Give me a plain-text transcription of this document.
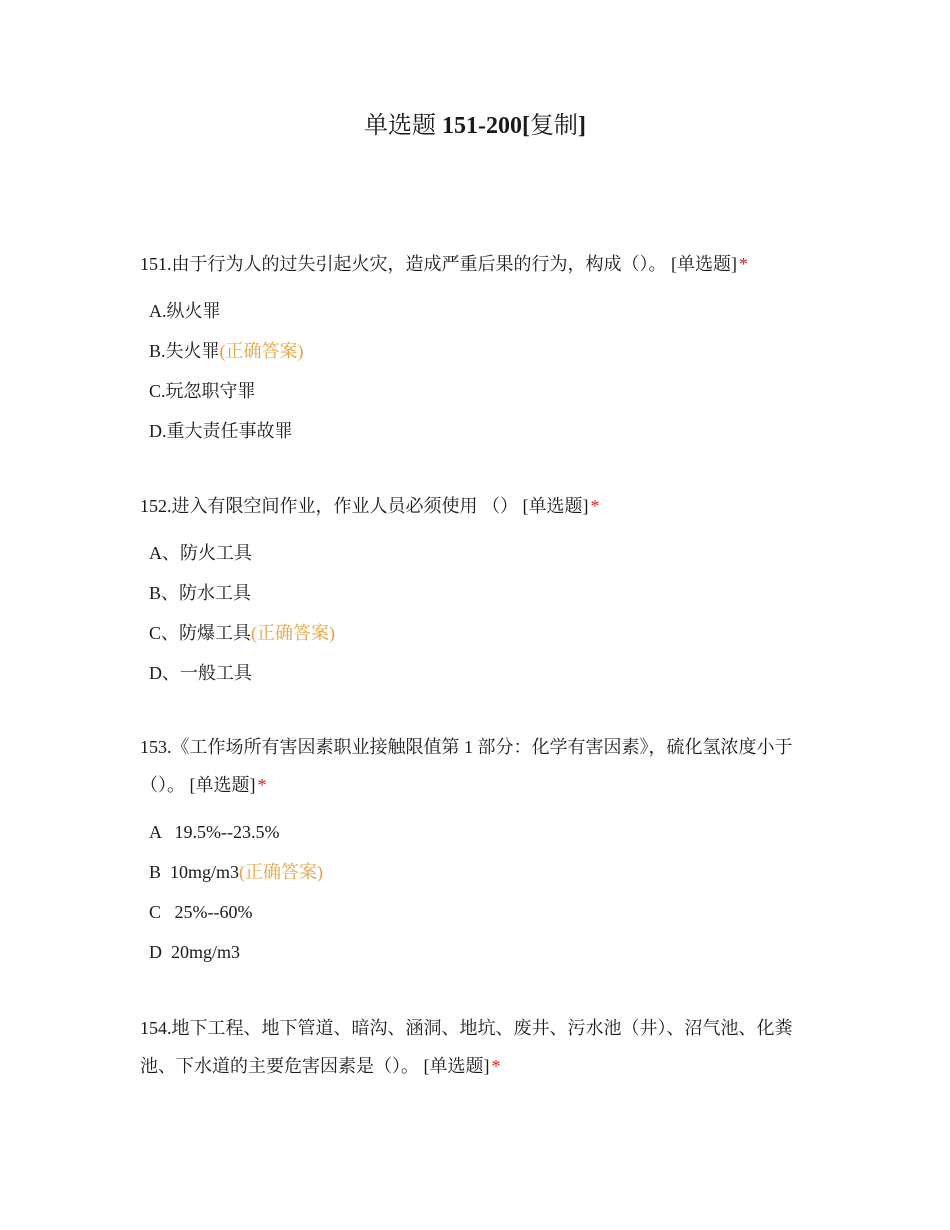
单选题 151-200[复制]

151.由于行为人的过失引起火灾，造成严重后果的行为，构成（）。 [单选题] *

A.纵火罪
B.失火罪(正确答案)
C.玩忽职守罪
D.重大责任事故罪

152.进入有限空间作业，作业人员必须使用 （） [单选题] *

A、防火工具
B、防水工具
C、防爆工具(正确答案)
D、一般工具

153.《工作场所有害因素职业接触限值第 1 部分：化学有害因素》，硫化氢浓度小于（）。 [单选题] *

A   19.5%--23.5%
B  10mg/m3(正确答案)
C   25%--60%
D  20mg/m3

154.地下工程、地下管道、暗沟、涵洞、地坑、废井、污水池（井）、沼气池、化粪池、下水道的主要危害因素是（）。 [单选题] *
